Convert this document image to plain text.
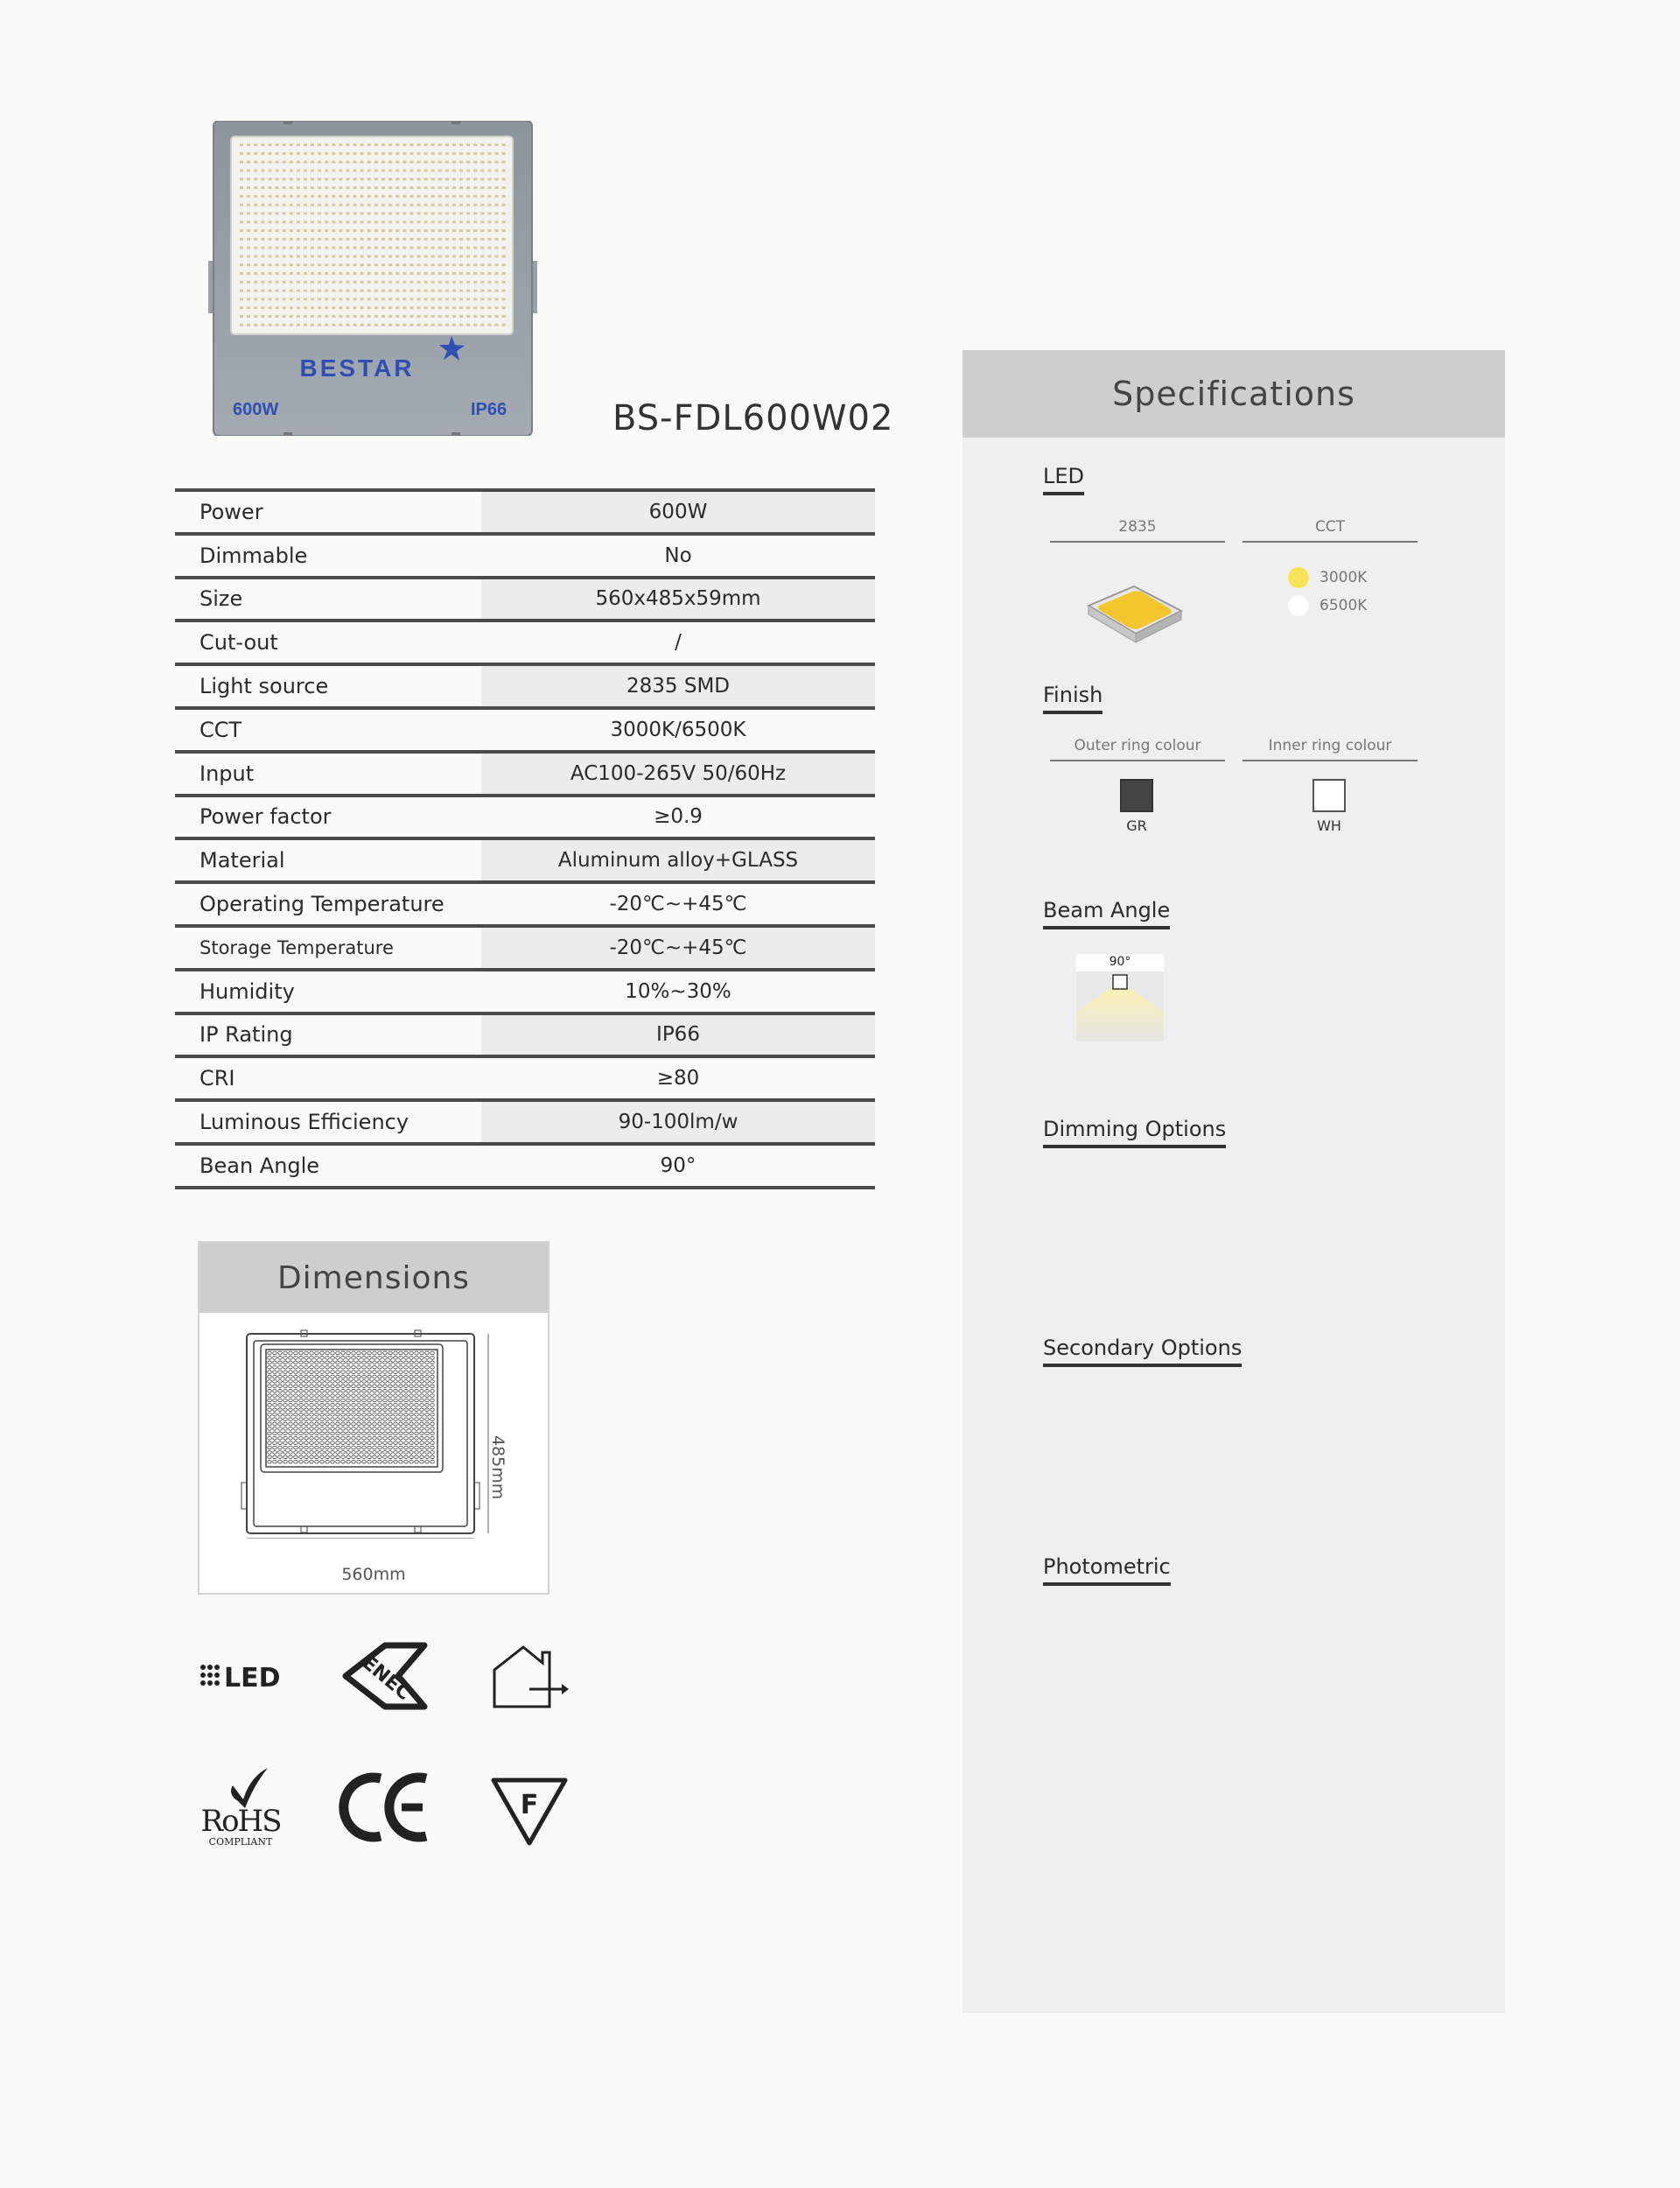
BESTAR
600W	IP66	BS-FDL600W02
Power	600W
Dimmable	No
Size	560x485x59mm
Cut-out	/
Light source	2835 SMD
CCT	3000K/6500K
Input	AC100-265V 50/60Hz
Power factor	≥0.9
Material	Aluminum alloy+GLASS
Operating Temperature	-20℃~+45℃
Storage Temperature	-20℃~+45℃
Humidity	10%~30%
IP Rating	IP66
CRI	≥80
Luminous Efficiency	90-100lm/w
Bean Angle	90°
Dimensions
560mm
485mm
LED	ENEC
RoHS
COMPLIANT
F
Specifications
LED
2835	CCT
3000K
6500K
Finish
Outer ring colour	Inner ring colour
GR	WH
Beam Angle
90°
Dimming Options
Secondary Options
Photometric
